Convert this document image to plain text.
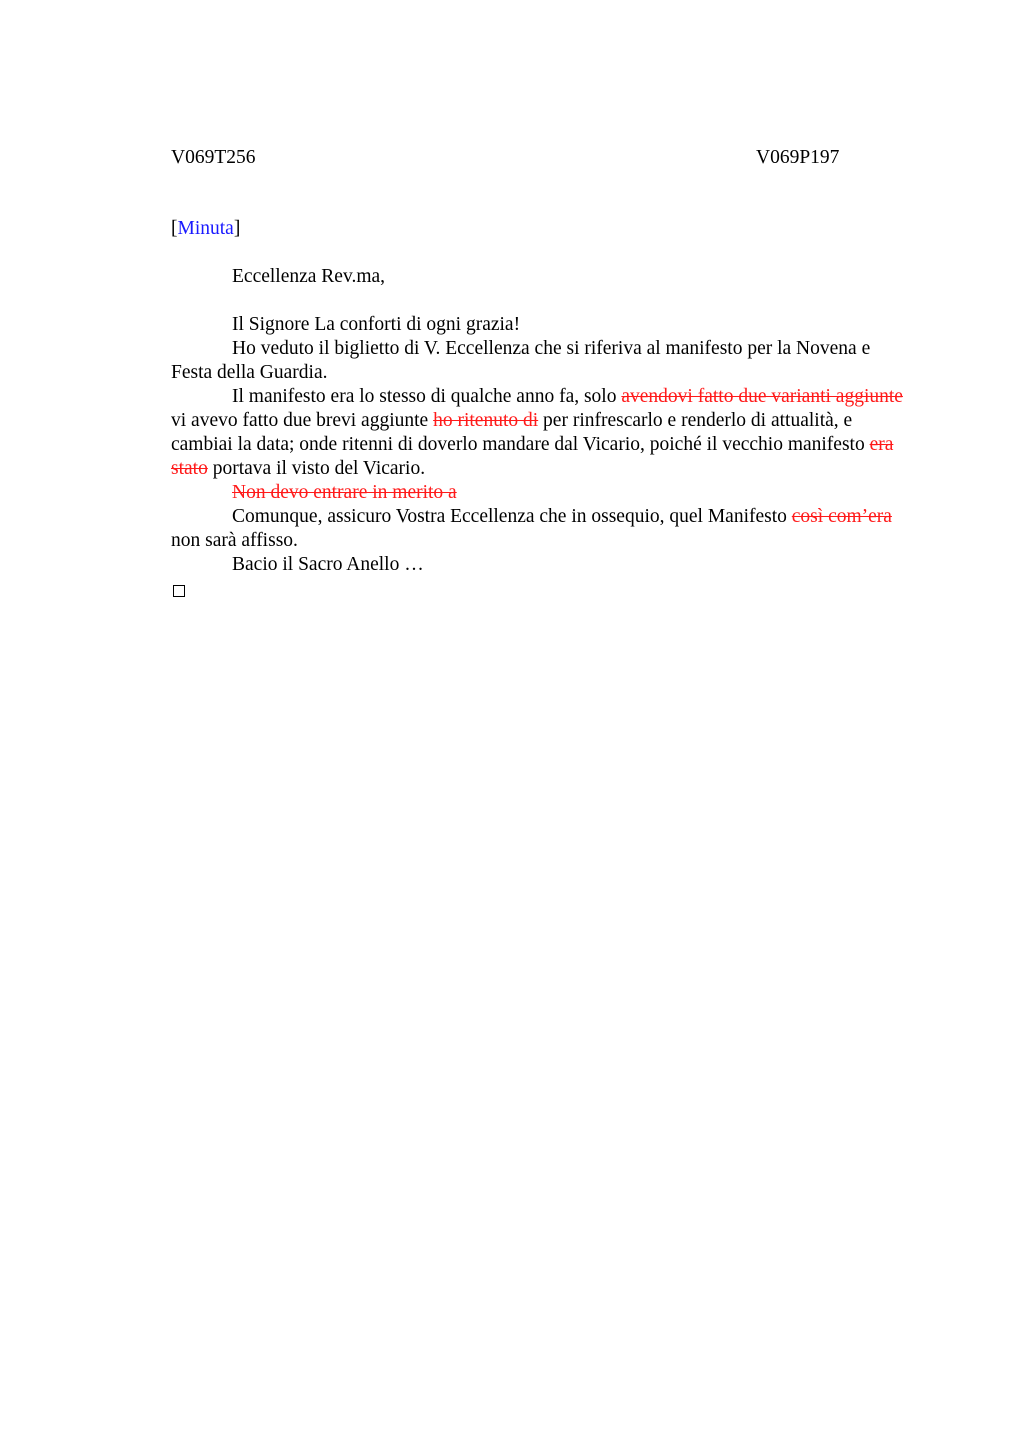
V069T256	V069P197

[Minuta]

Eccellenza Rev.ma,

Il Signore La conforti di ogni grazia!

Ho veduto il biglietto di V. Eccellenza che si riferiva al manifesto per la Novena e Festa della Guardia.

Il manifesto era lo stesso di qualche anno fa, solo avendovi fatto due varianti aggiunte vi avevo fatto due brevi aggiunte ho ritenuto di per rinfrescarlo e renderlo di attualità, e cambiai la data; onde ritenni di doverlo mandare dal Vicario, poiché il vecchio manifesto era stato portava il visto del Vicario.

Non devo entrare in merito a

Comunque, assicuro Vostra Eccellenza che in ossequio, quel Manifesto così com’era non sarà affisso.

Bacio il Sacro Anello …
